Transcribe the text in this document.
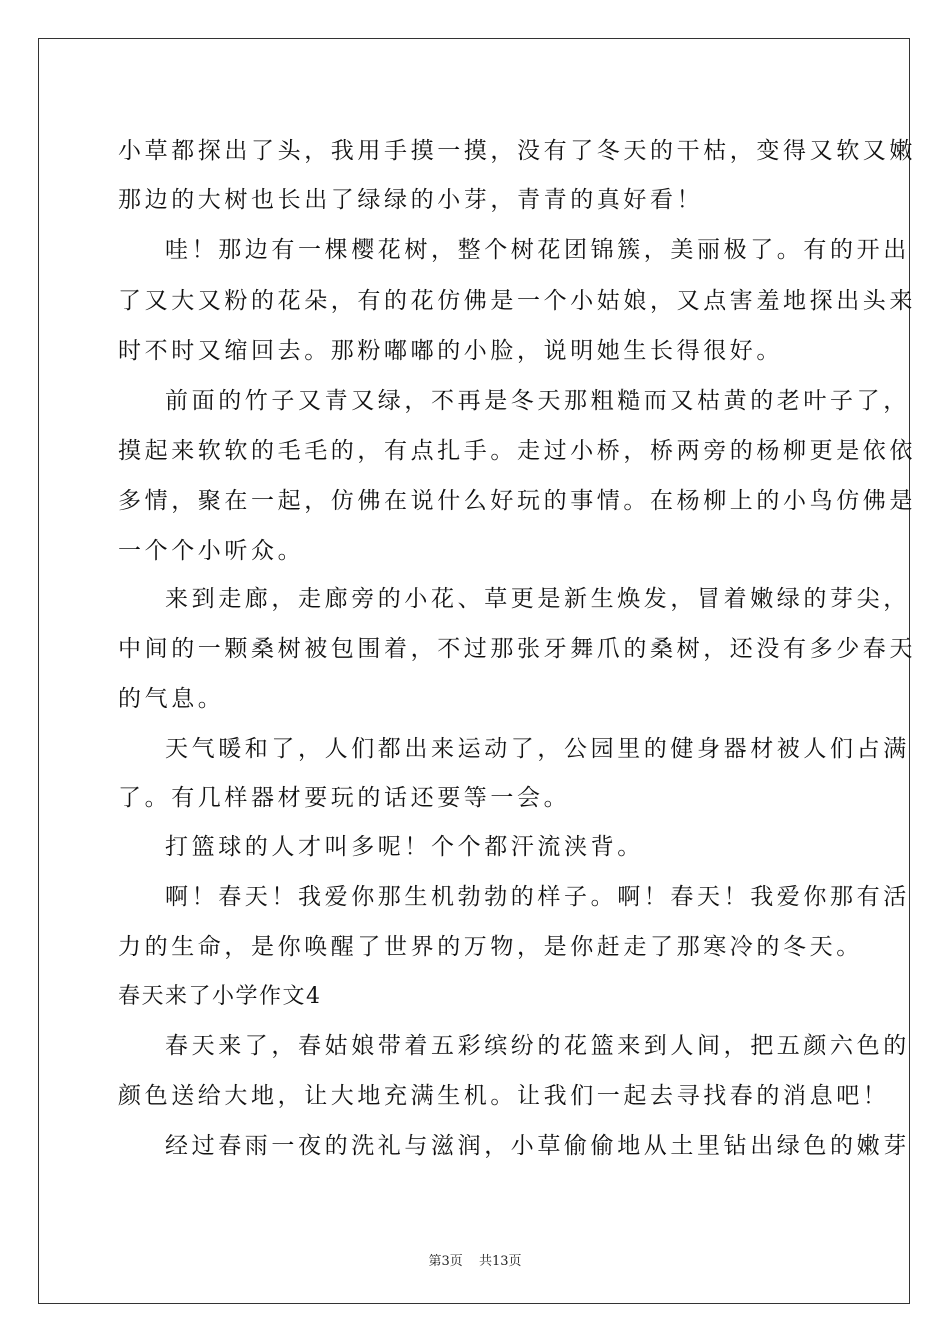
小草都探出了头，我用手摸一摸，没有了冬天的干枯，变得又软又嫩
那边的大树也长出了绿绿的小芽，青青的真好看！
哇！那边有一棵樱花树，整个树花团锦簇，美丽极了。有的开出
了又大又粉的花朵，有的花仿佛是一个小姑娘，又点害羞地探出头来
时不时又缩回去。那粉嘟嘟的小脸，说明她生长得很好。
前面的竹子又青又绿，不再是冬天那粗糙而又枯黄的老叶子了，
摸起来软软的毛毛的，有点扎手。走过小桥，桥两旁的杨柳更是依依
多情，聚在一起，仿佛在说什么好玩的事情。在杨柳上的小鸟仿佛是
一个个小听众。
来到走廊，走廊旁的小花、草更是新生焕发，冒着嫩绿的芽尖，
中间的一颗桑树被包围着，不过那张牙舞爪的桑树，还没有多少春天
的气息。
天气暖和了，人们都出来运动了，公园里的健身器材被人们占满
了。有几样器材要玩的话还要等一会。
打篮球的人才叫多呢！个个都汗流浃背。
啊！春天！我爱你那生机勃勃的样子。啊！春天！我爱你那有活
力的生命，是你唤醒了世界的万物，是你赶走了那寒冷的冬天。
春天来了小学作文4
春天来了，春姑娘带着五彩缤纷的花篮来到人间，把五颜六色的
颜色送给大地，让大地充满生机。让我们一起去寻找春的消息吧！
经过春雨一夜的洗礼与滋润，小草偷偷地从土里钻出绿色的嫩芽
第3页 共13页
